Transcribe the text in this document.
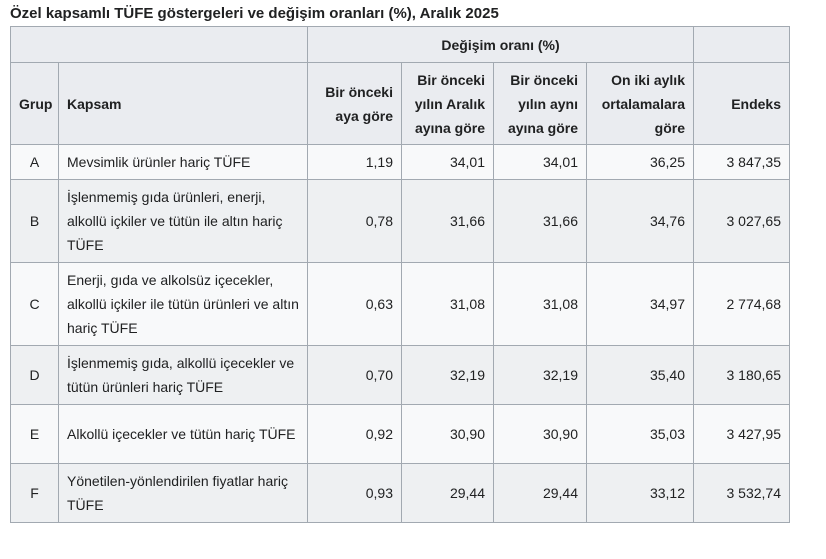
Özel kapsamlı TÜFE göstergeleri ve değişim oranları (%), Aralık 2025
		Değişim oranı (%)				
Grup	Kapsam	Bir önceki aya göre	Bir önceki yılın Aralık ayına göre	Bir önceki yılın aynı ayına göre	On iki aylık ortalamalara göre	Endeks
A	Mevsimlik ürünler hariç TÜFE	1,19	34,01	34,01	36,25	3 847,35
B	İşlenmemiş gıda ürünleri, enerji, alkollü içkiler ve tütün ile altın hariç TÜFE	0,78	31,66	31,66	34,76	3 027,65
C	Enerji, gıda ve alkolsüz içecekler, alkollü içkiler ile tütün ürünleri ve altın hariç TÜFE	0,63	31,08	31,08	34,97	2 774,68
D	İşlenmemiş gıda, alkollü içecekler ve tütün ürünleri hariç TÜFE	0,70	32,19	32,19	35,40	3 180,65
E	Alkollü içecekler ve tütün hariç TÜFE	0,92	30,90	30,90	35,03	3 427,95
F	Yönetilen-yönlendirilen fiyatlar hariç TÜFE	0,93	29,44	29,44	33,12	3 532,74
